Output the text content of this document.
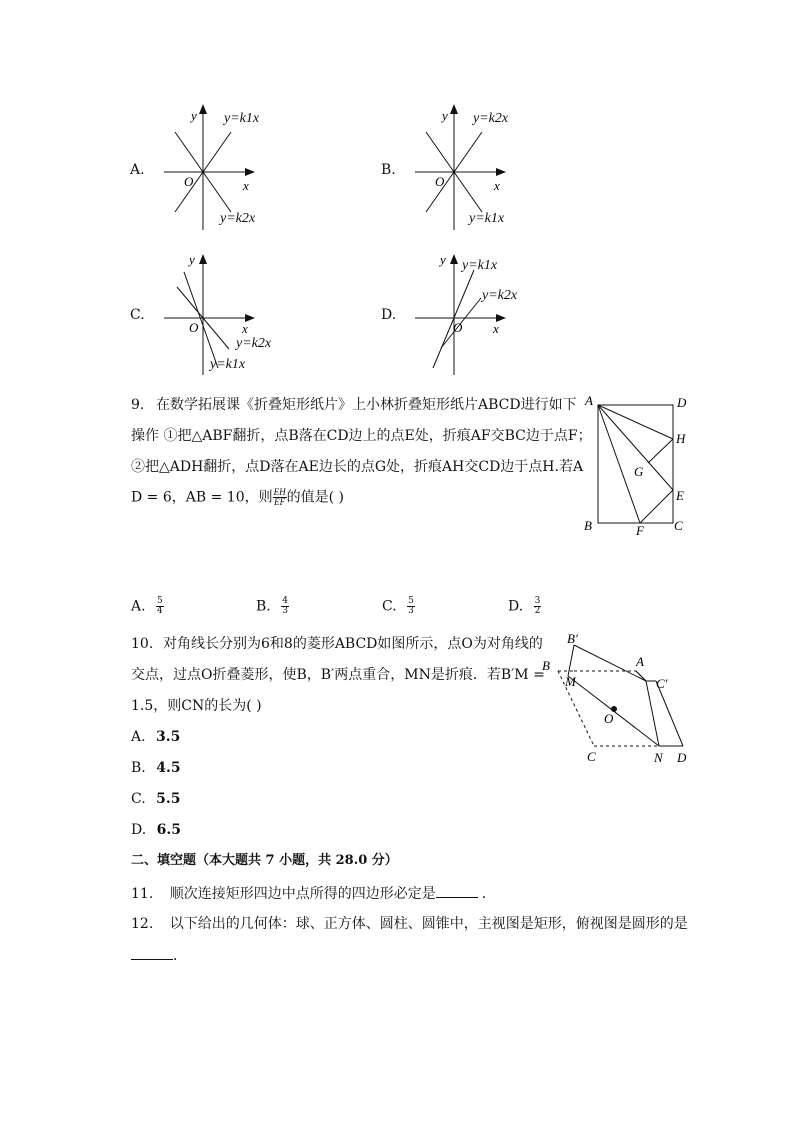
A.
y
O	x
y=k1x
y=k2x
B.
y
O	x
y=k2x
y=k1x
C.
y
O	x
y=k2x
y=k1x
D.
y
O x
y=k1x
y=k2x
9. 在数学拓展课《折叠矩形纸片》上小林折叠矩形纸片ABCD进行如下
操作 ①把△ABF翻折，点B落在CD边上的点E处，折痕AF交BC边于点F；
②把△ADH翻折，点D落在AE边长的点G处，折痕AH交CD边于点H.若A
D = 6，AB = 10，则 $\frac{EH}{EF}$ 的值是( )
A	D
H
G
E
B	F C
A. $\frac{5}{4}$	B. $\frac{4}{3}$	C. $\frac{5}{3}$	D. $\frac{3}{2}$
10. 对角线长分别为6和8的菱形ABCD如图所示，点O为对角线的
交点，过点O折叠菱形，使B，B′两点重合，MN是折痕．若B′M =
1.5，则CN的长为( )
B′
A
B
M	C′
O
C	N D
A. 3.5
B. 4.5
C. 5.5
D. 6.5
二、填空题（本大题共 7 小题，共 28.0 分）
11. 顺次连接矩形四边中点所得的四边形必定是	．
12. 以下给出的几何体：球、正方体、圆柱、圆锥中，主视图是矩形，俯视图是圆形的是
．
